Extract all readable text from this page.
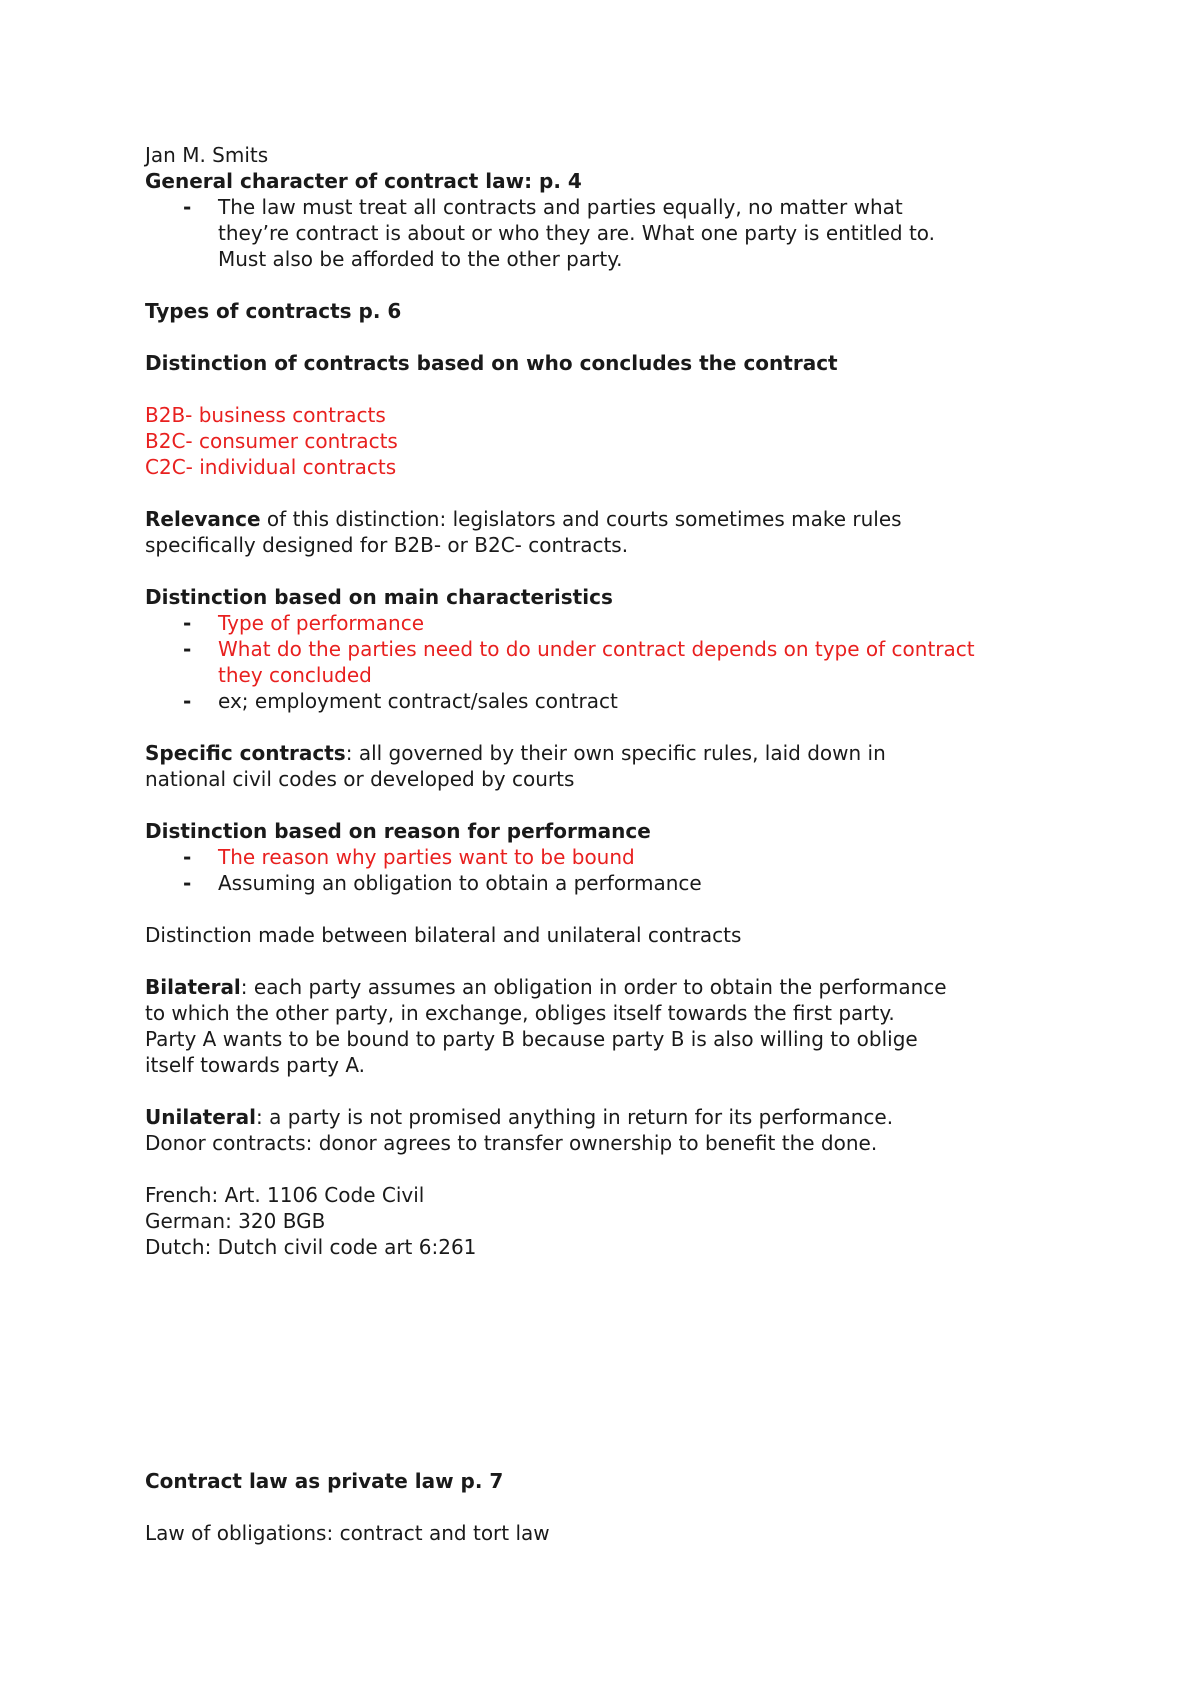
Jan M. Smits
General character of contract law: p. 4
- The law must treat all contracts and parties equally, no matter what
they’re contract is about or who they are. What one party is entitled to.
Must also be afforded to the other party.
Types of contracts p. 6
Distinction of contracts based on who concludes the contract
B2B- business contracts
B2C- consumer contracts
C2C- individual contracts
Relevance of this distinction: legislators and courts sometimes make rules
specifically designed for B2B- or B2C- contracts.
Distinction based on main characteristics
- Type of performance
- What do the parties need to do under contract depends on type of contract
they concluded
- ex; employment contract/sales contract
Specific contracts: all governed by their own specific rules, laid down in
national civil codes or developed by courts
Distinction based on reason for performance
- The reason why parties want to be bound
- Assuming an obligation to obtain a performance
Distinction made between bilateral and unilateral contracts
Bilateral: each party assumes an obligation in order to obtain the performance
to which the other party, in exchange, obliges itself towards the first party.
Party A wants to be bound to party B because party B is also willing to oblige
itself towards party A.
Unilateral: a party is not promised anything in return for its performance.
Donor contracts: donor agrees to transfer ownership to benefit the done.
French: Art. 1106 Code Civil
German: 320 BGB
Dutch: Dutch civil code art 6:261
Contract law as private law p. 7
Law of obligations: contract and tort law
